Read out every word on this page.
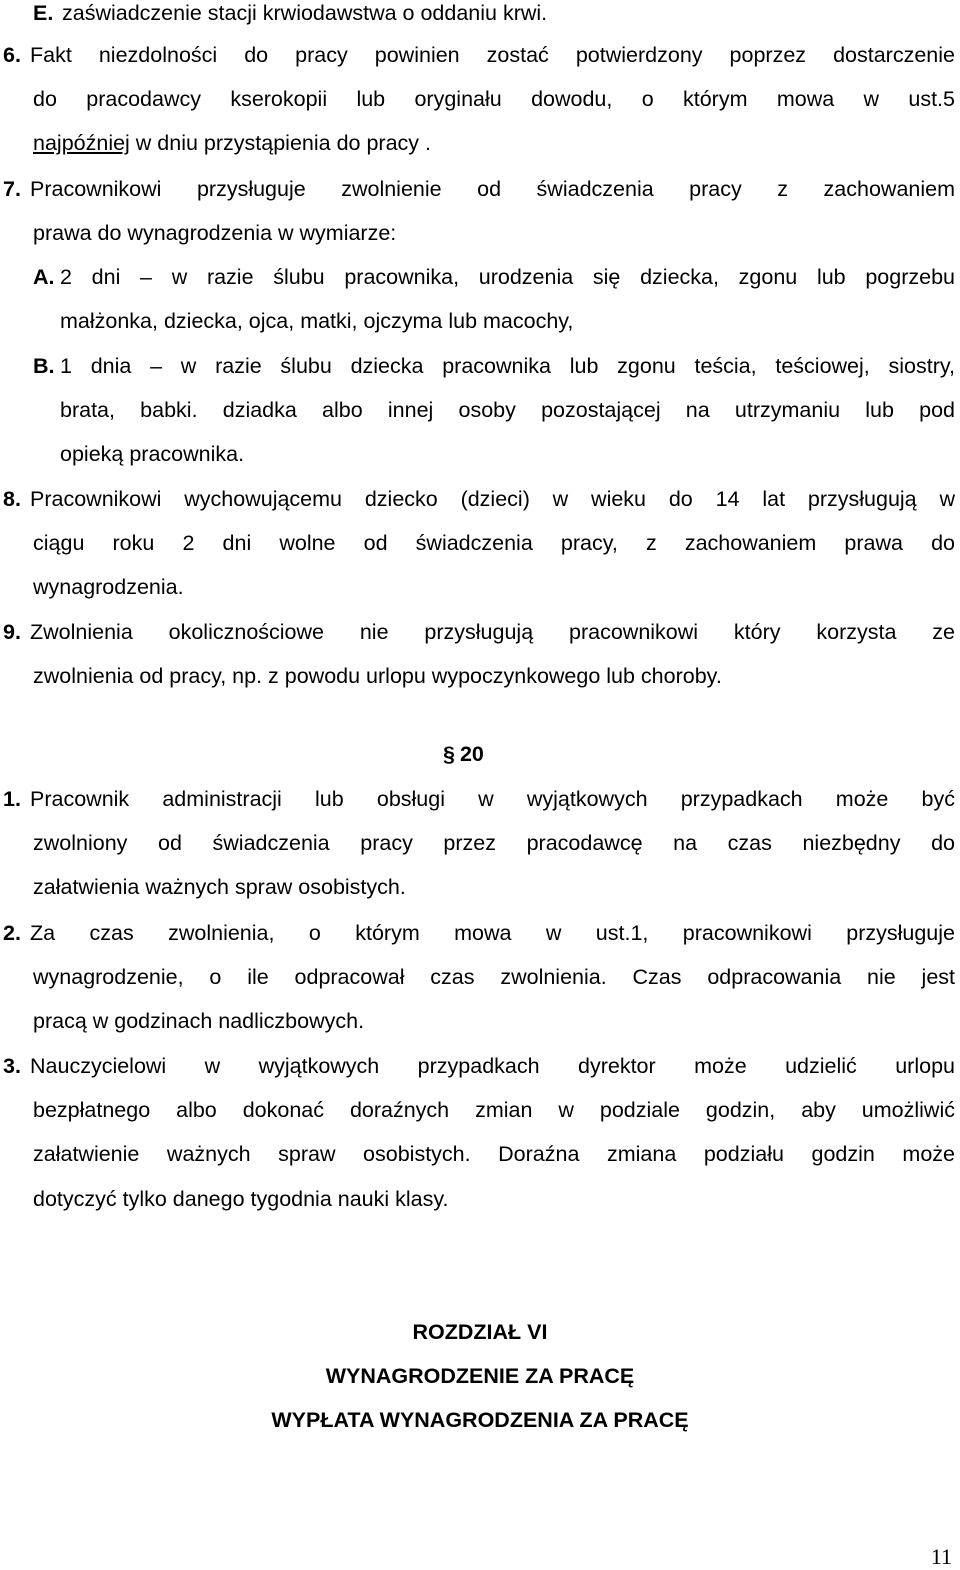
E. zaświadczenie stacji krwiodawstwa o oddaniu krwi.
6. Fakt niezdolności do pracy powinien zostać potwierdzony poprzez dostarczenie
do pracodawcy kserokopii lub oryginału dowodu, o którym mowa w ust.5
najpóźniej w dniu przystąpienia do pracy .
7. Pracownikowi przysługuje zwolnienie od świadczenia pracy z zachowaniem
prawa do wynagrodzenia w wymiarze:
A. 2 dni – w razie ślubu pracownika, urodzenia się dziecka, zgonu lub pogrzebu
małżonka, dziecka, ojca, matki, ojczyma lub macochy,
B. 1 dnia – w razie ślubu dziecka pracownika lub zgonu teścia, teściowej, siostry,
brata, babki. dziadka albo innej osoby pozostającej na utrzymaniu lub pod
opieką pracownika.
8. Pracownikowi wychowującemu dziecko (dzieci) w wieku do 14 lat przysługują w
ciągu roku 2 dni wolne od świadczenia pracy, z zachowaniem prawa do
wynagrodzenia.
9. Zwolnienia okolicznościowe nie przysługują pracownikowi który korzysta ze
zwolnienia od pracy, np. z powodu urlopu wypoczynkowego lub choroby.
§ 20
1. Pracownik administracji lub obsługi w wyjątkowych przypadkach może być
zwolniony od świadczenia pracy przez pracodawcę na czas niezbędny do
załatwienia ważnych spraw osobistych.
2. Za czas zwolnienia, o którym mowa w ust.1, pracownikowi przysługuje
wynagrodzenie, o ile odpracował czas zwolnienia. Czas odpracowania nie jest
pracą w godzinach nadliczbowych.
3. Nauczycielowi w wyjątkowych przypadkach dyrektor może udzielić urlopu
bezpłatnego albo dokonać doraźnych zmian w podziale godzin, aby umożliwić
załatwienie ważnych spraw osobistych. Doraźna zmiana podziału godzin może
dotyczyć tylko danego tygodnia nauki klasy.
ROZDZIAŁ VI
WYNAGRODZENIE ZA PRACĘ
WYPŁATA WYNAGRODZENIA ZA PRACĘ
11
